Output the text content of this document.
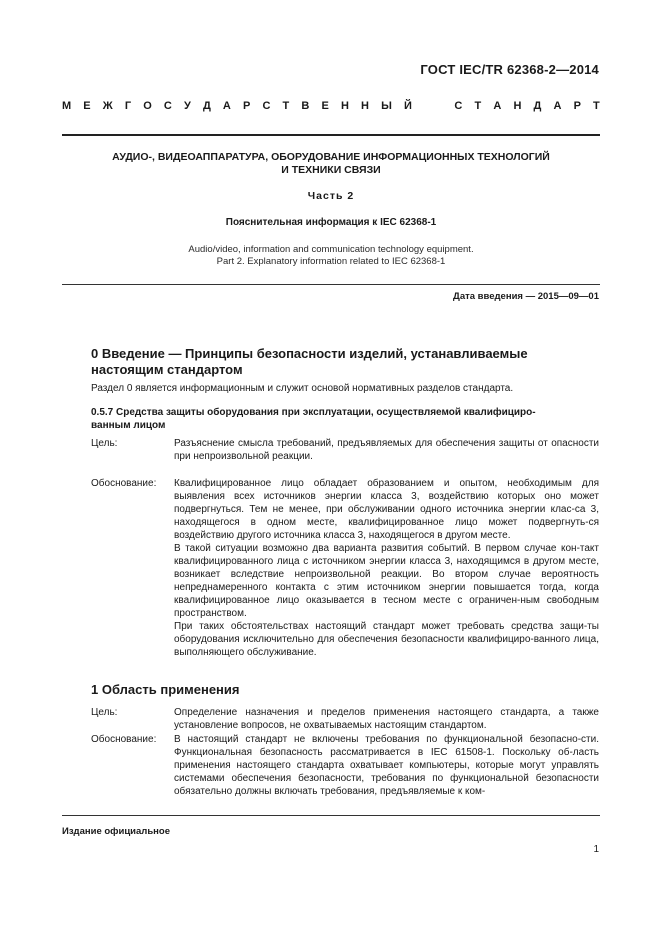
ГОСТ IEC/TR 62368-2—2014
М Е Ж Г О С У Д А Р С Т В Е Н Н Ы Й

	С Т А Н Д А Р Т
АУДИО-, ВИДЕОАППАРАТУРА, ОБОРУДОВАНИЕ ИНФОРМАЦИОННЫХ ТЕХНОЛОГИЙ
И ТЕХНИКИ СВЯЗИ
Часть 2
Пояснительная информация к IEC 62368-1
Audio/video, information and communication technology equipment.
Part 2. Explanatory information related to IEC 62368-1
Дата введения — 2015—09—01
0 Введение — Принципы безопасности изделий, устанавливаемые
настоящим стандартом
Раздел 0 является информационным и служит основой нормативных разделов стандарта.
0.5.7 Средства защиты оборудования при эксплуатации, осуществляемой квалифициро-
ванным лицом
Цель:	Разъяснение смысла требований, предъявляемых для обеспечения защиты от опасности при непроизвольной реакции.
Обоснование:	Квалифицированное лицо обладает образованием и опытом, необходимым для выявления всех источников энергии класса 3, воздействию которых оно может подвергнуться. Тем не менее, при обслуживании одного источника энергии клас-са 3, находящегося в одном месте, квалифицированное лицо может подвергнуть-ся воздействию другого источника класса 3, находящегося в другом месте.

В такой ситуации возможно два варианта развития событий. В первом случае кон-такт квалифицированного лица с источником энергии класса 3, находящимся в другом месте, возникает вследствие непроизвольной реакции. Во втором случае вероятность непреднамеренного контакта с этим источником энергии повышается тогда, когда квалифицированное лицо оказывается в тесном месте с ограничен-ным свободным пространством.

При таких обстоятельствах настоящий стандарт может требовать средства защи-ты оборудования исключительно для обеспечения безопасности квалифициро-ванного лица, выполняющего обслуживание.

1 Область применения
Цель:	Определение назначения и пределов применения настоящего стандарта, а также установление вопросов, не охватываемых настоящим стандартом.
Обоснование:	В настоящий стандарт не включены требования по функциональной безопасно-сти. Функциональная безопасность рассматривается в IEC 61508-1. Поскольку об-ласть применения настоящего стандарта охватывает компьютеры, которые могут управлять системами обеспечения безопасности, требования по функциональной безопасности обязательно должны включать требования, предъявляемые к ком-
Издание официальное
1
